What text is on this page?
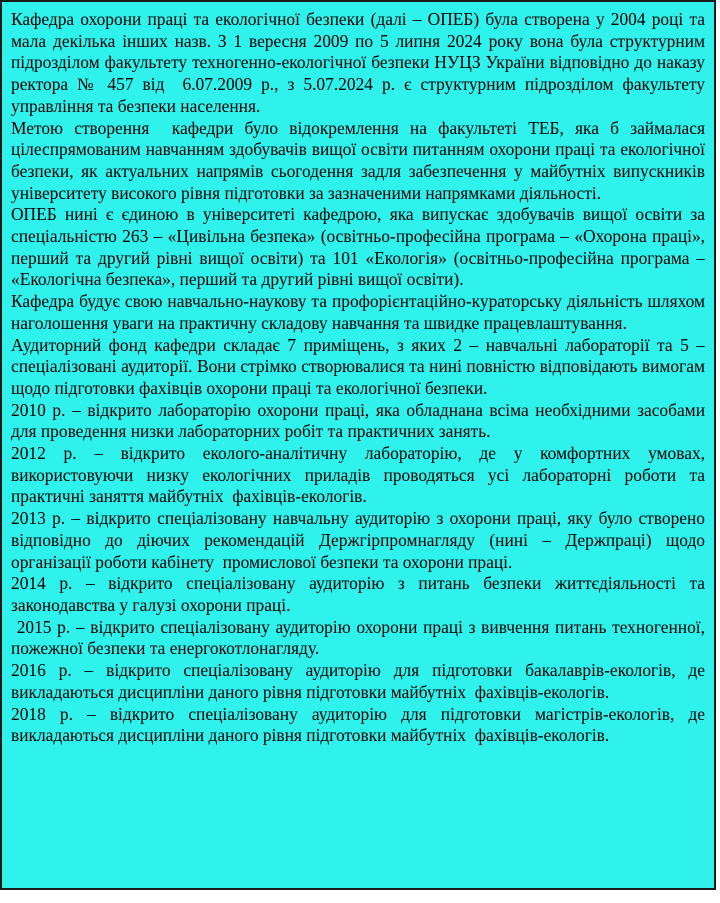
Кафедра охорони праці та екологічної безпеки (далі – ОПЕБ) була створена у 2004 році та мала декілька інших назв. З 1 вересня 2009 по 5 липня 2024 року вона була структурним підрозділом факультету техногенно-екологічної безпеки НУЦЗ України відповідно до наказу ректора № 457 від  6.07.2009 р., з 5.07.2024 р. є структурним підрозділом факультету  управління та безпеки населення.

Метою створення  кафедри було відокремлення на факультеті ТЕБ, яка б займалася цілеспрямованим навчанням здобувачів вищої освіти питанням охорони праці та екологічної безпеки, як актуальних напрямів сьогодення задля забезпечення у майбутніх випускників університету високого рівня підготовки за зазначеними напрямками діяльності.

ОПЕБ нині є єдиною в університеті кафедрою, яка випускає здобувачів вищої освіти за спеціальністю 263 – «Цивільна безпека» (освітньо-професійна програма – «Охорона праці», перший та другий рівні вищої освіти) та 101 «Екологія» (освітньо-професійна програма – «Екологічна безпека», перший та другий рівні вищої освіти).

Кафедра будує свою навчально-наукову та профорієнтаційно-кураторську діяльність шляхом наголошення уваги на практичну складову навчання та швидке працевлаштування.

Аудиторний фонд кафедри складає 7 приміщень, з яких 2 – навчальні лабораторії та 5 – спеціалізовані аудиторії. Вони стрімко створювалися та нині повністю відповідають вимогам щодо підготовки фахівців охорони праці та екологічної безпеки.

2010 р. – відкрито лабораторію охорони праці, яка обладнана всіма необхідними засобами для проведення низки лабораторних робіт та практичних занять.

2012 р. – відкрито еколого-аналітичну лабораторію, де у комфортних умовах, використовуючи низку екологічних приладів проводяться усі лабораторні роботи та практичні заняття майбутніх  фахівців-екологів.

2013 р. – відкрито спеціалізовану навчальну аудиторію з охорони праці, яку було створено відповідно до діючих рекомендацій Держгірпромнагляду (нині – Держпраці) щодо організації роботи кабінету  промислової безпеки та охорони праці.

2014 р. – відкрито спеціалізовану аудиторію з питань безпеки життєдіяльності та законодавства у галузі охорони праці.

2015 р. – відкрито спеціалізовану аудиторію охорони праці з вивчення питань техногенної, пожежної безпеки та енергокотлонагляду.

2016 р. – відкрито спеціалізовану аудиторію для підготовки бакалаврів-екологів, де викладаються дисципліни даного рівня підготовки майбутніх  фахівців-екологів.

2018 р. – відкрито спеціалізовану аудиторію для підготовки магістрів-екологів, де викладаються дисципліни даного рівня підготовки майбутніх  фахівців-екологів.
